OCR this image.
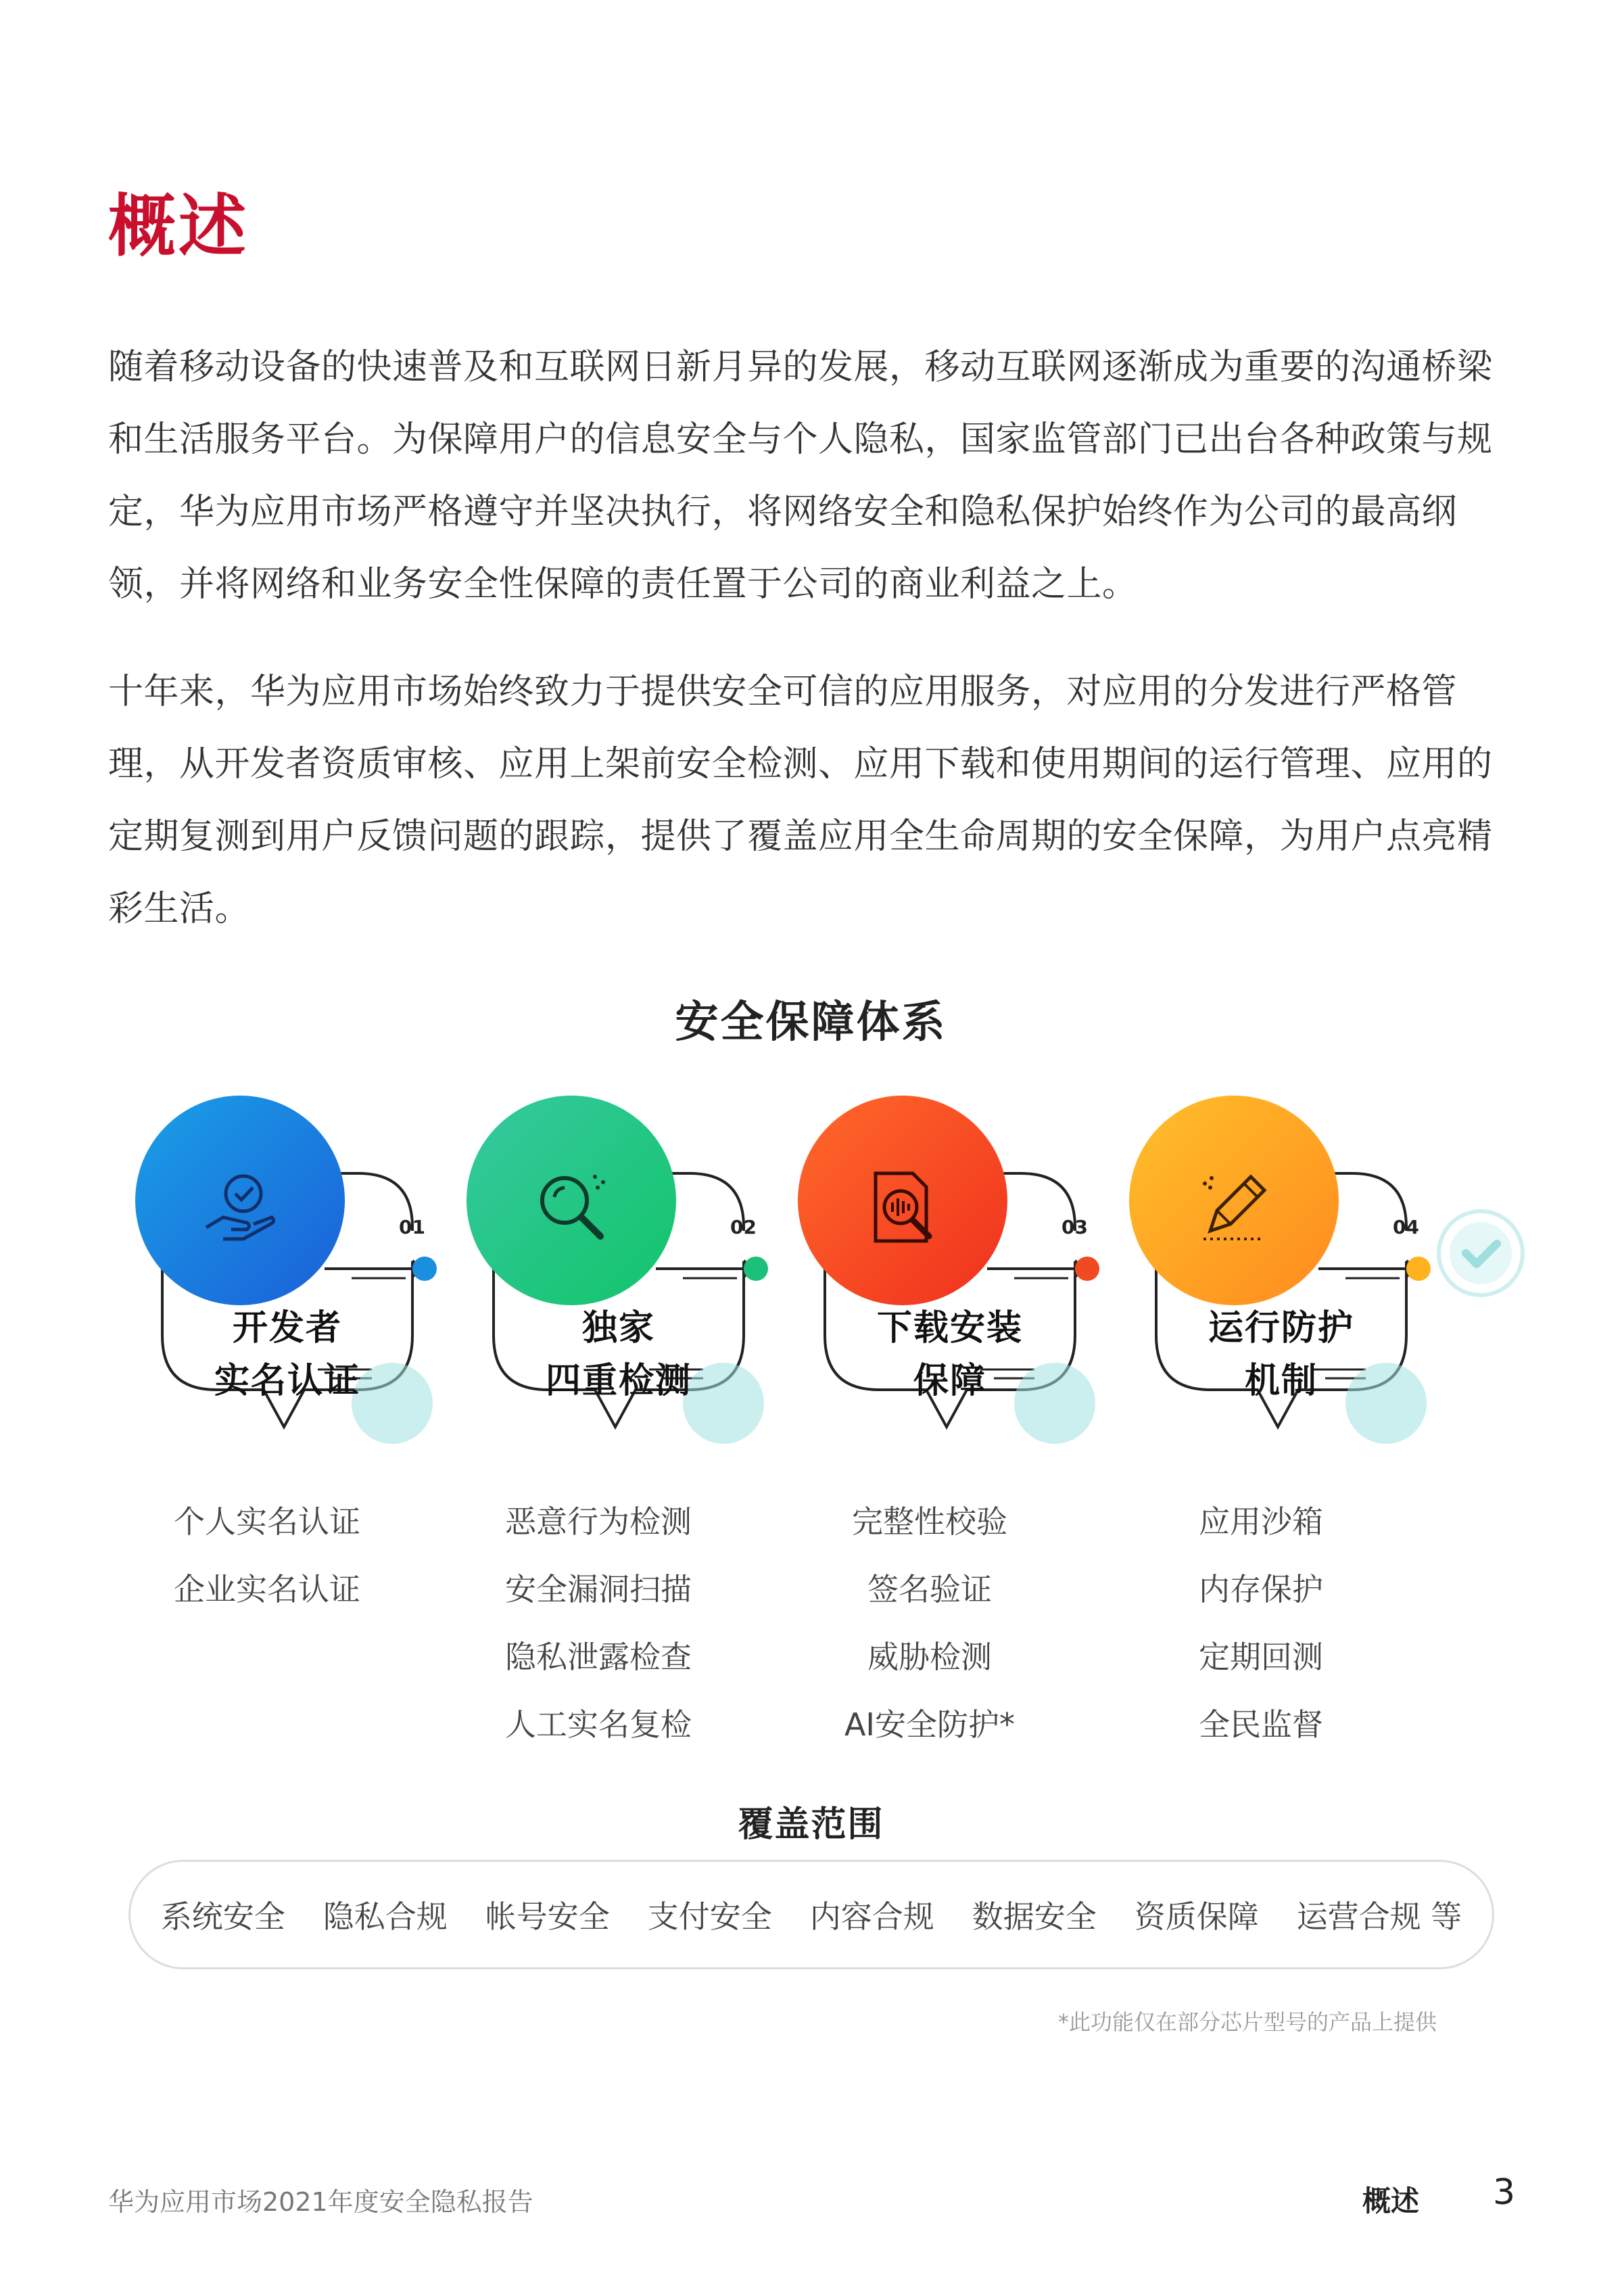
概述
随着移动设备的快速普及和互联网日新月异的发展，移动互联网逐渐成为重要的沟通桥梁和生活服务平台。为保障用户的信息安全与个人隐私，国家监管部门已出台各种政策与规定，华为应用市场严格遵守并坚决执行，将网络安全和隐私保护始终作为公司的最高纲领，并将网络和业务安全性保障的责任置于公司的商业利益之上。
十年来，华为应用市场始终致力于提供安全可信的应用服务，对应用的分发进行严格管理，从开发者资质审核、应用上架前安全检测、应用下载和使用期间的运行管理、应用的定期复测到用户反馈问题的跟踪，提供了覆盖应用全生命周期的安全保障，为用户点亮精彩生活。
安全保障体系
01
开发者
实名认证
02
独家
四重检测
03
下载安装
保障
04
运行防护
机制
个人实名认证
企业实名认证
恶意行为检测
安全漏洞扫描
隐私泄露检查
人工实名复检
完整性校验
签名验证
威胁检测
AI安全防护*
应用沙箱
内存保护
定期回测
全民监督
覆盖范围
系统安全 隐私合规 帐号安全 支付安全 内容合规 数据安全 资质保障 运营合规 等
*此功能仅在部分芯片型号的产品上提供
华为应用市场2021年度安全隐私报告	概述 3
